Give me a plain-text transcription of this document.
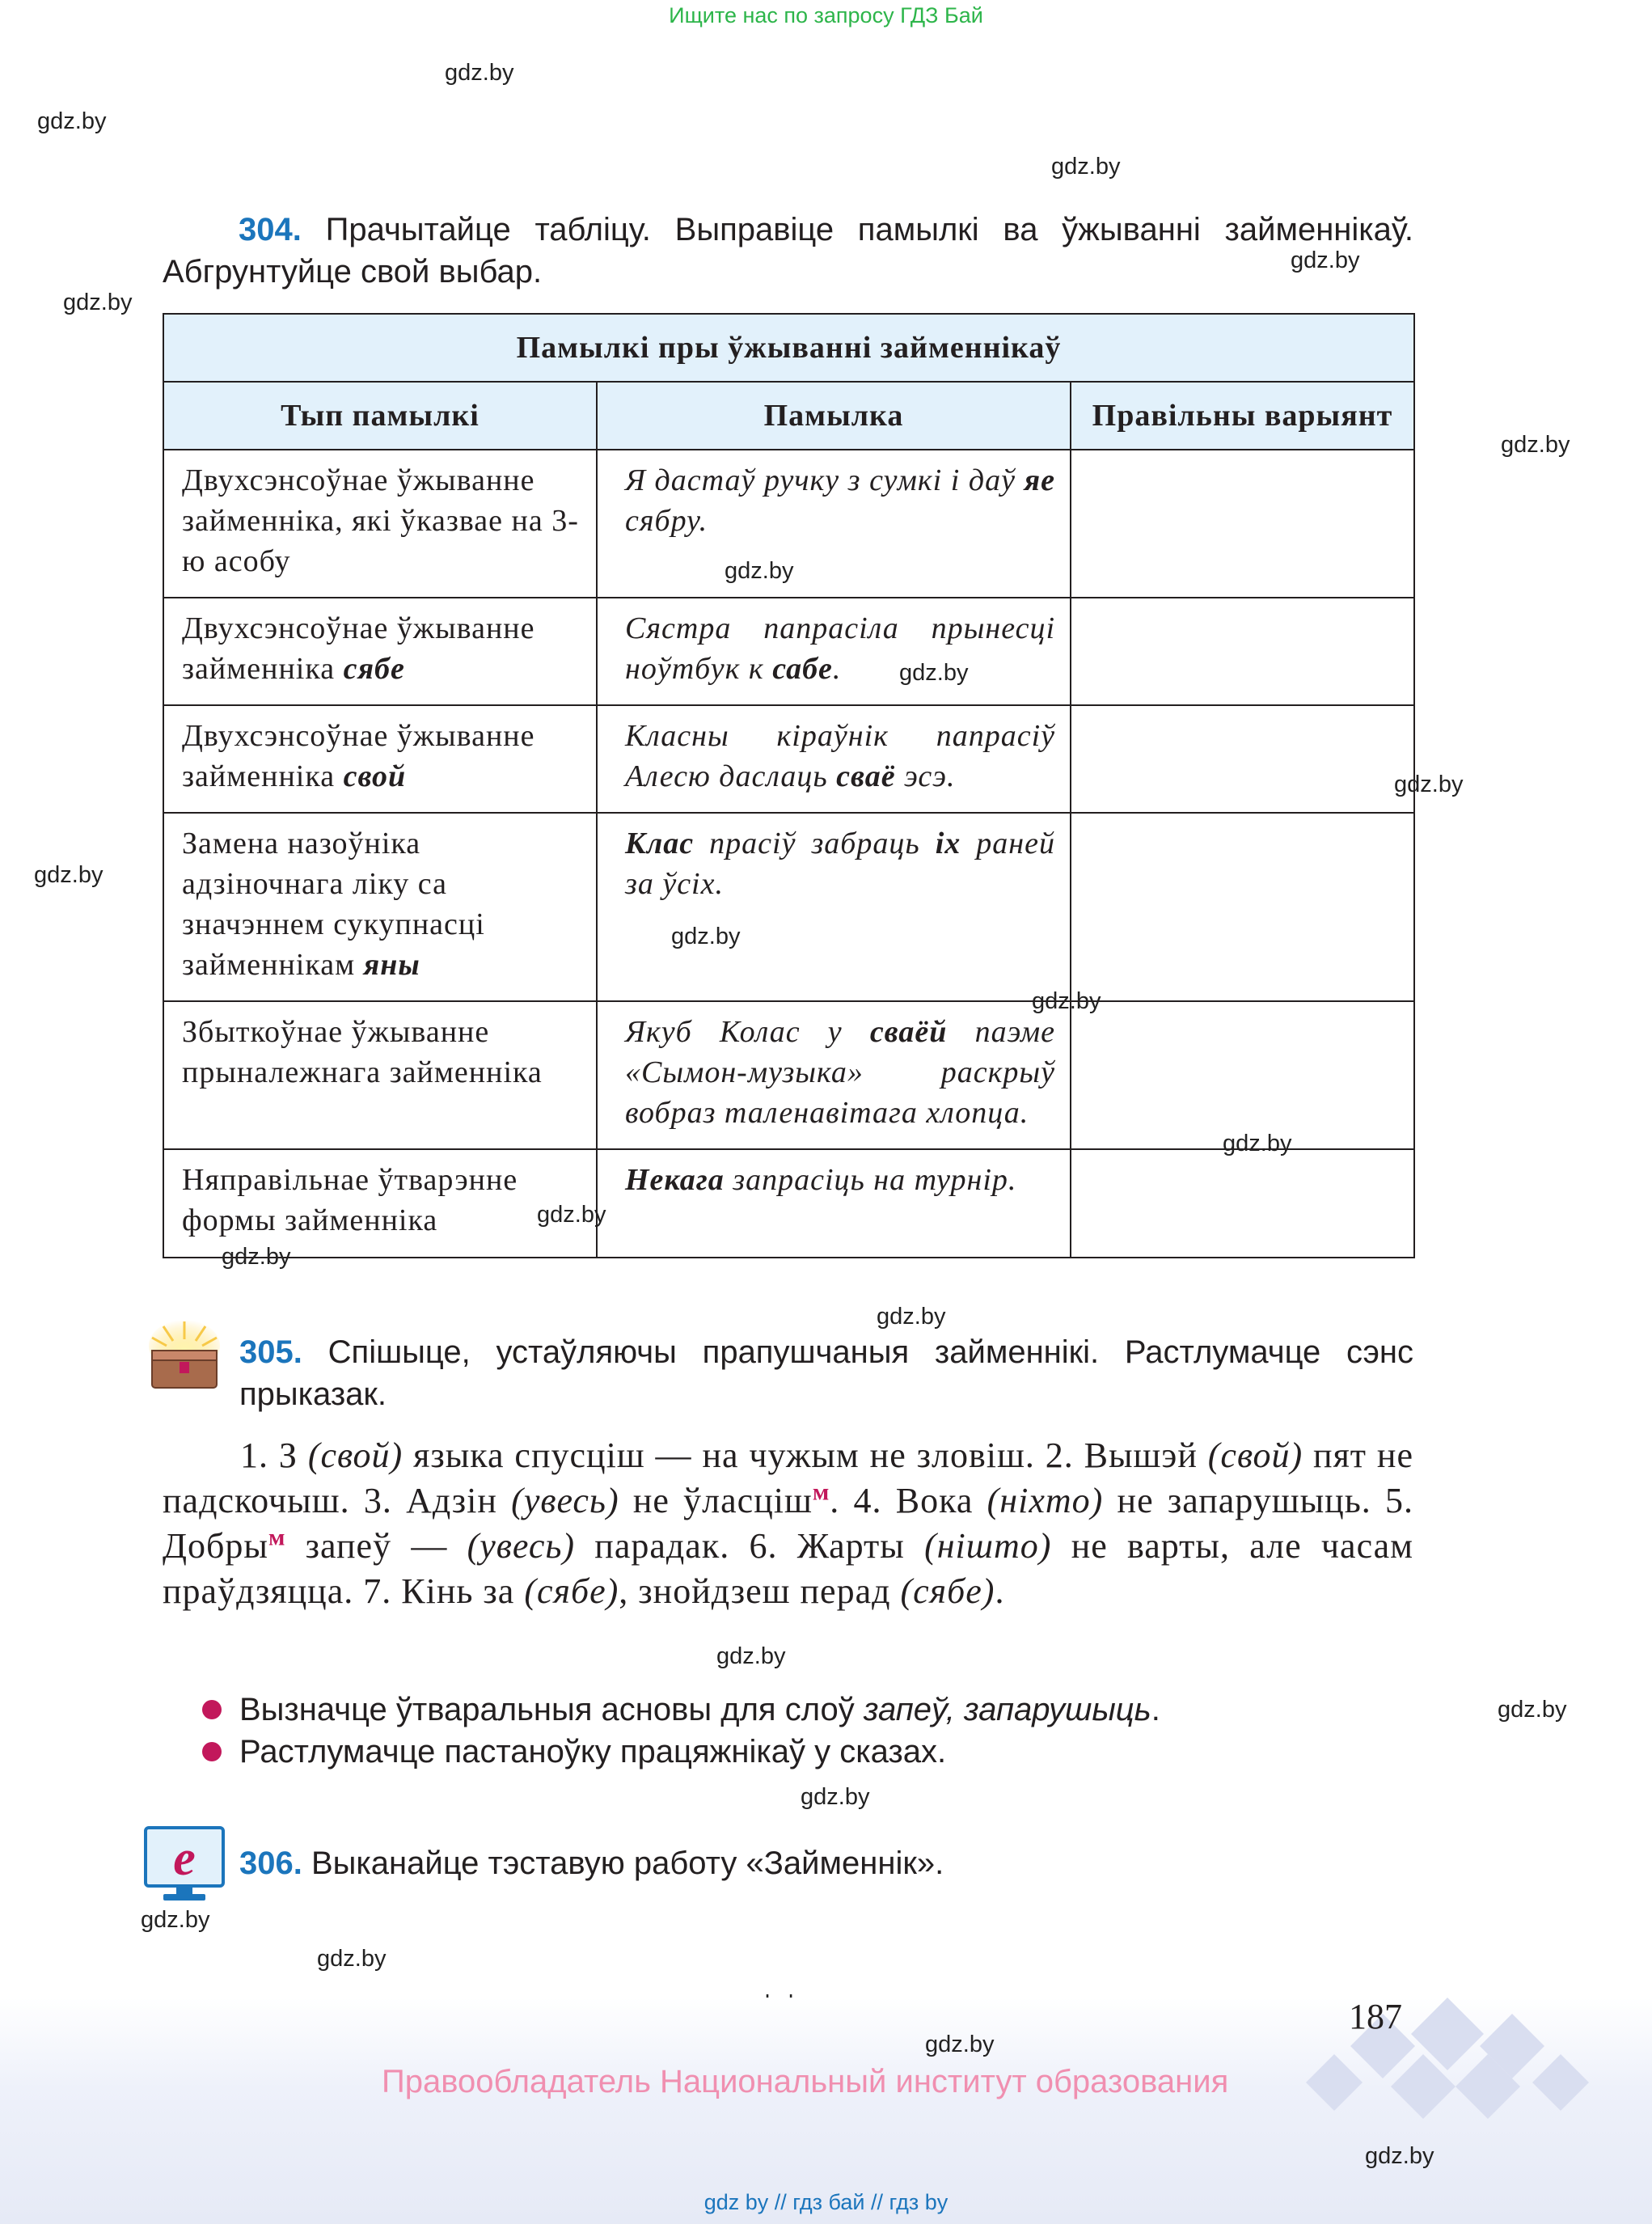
Ищите нас по запросу ГДЗ Бай
gdz.by
gdz.by
gdz.by
gdz.by
gdz.by
gdz.by
gdz.by
gdz.by
gdz.by
gdz.by
gdz.by
gdz.by
gdz.by
gdz.by
gdz.by
gdz.by
gdz.by
gdz.by
gdz.by
gdz.by
gdz.by
304. Прачытайце табліцу. Выправіце памылкі ва ўжыванні займеннікаў. Абгрунтуйце свой выбар.
Памылкі пры ўжыванні займеннікаў		
Тып памылкі	Памылка	Правільны варыянт
Двухсэнсоўнае ўжыванне займенніка, які ўказвае на 3-ю асобу	Я дастаў ручку з сумкі і даў яе сябру.	
Двухсэнсоўнае ўжыванне займенніка сябе	Сястра папрасіла прынесці ноўтбук к сабе.	
Двухсэнсоўнае ўжыванне займенніка свой	Класны кіраўнік папрасіў Алесю даслаць сваё эсэ.	
Замена назоўніка адзіночнага ліку са значэннем сукупнасці займеннікам яны	Клас прасіў забраць іх раней за ўсіх.	
Збыткоўнае ўжыванне прыналежнага займенніка	Якуб Колас у сваёй паэме «Сымон-музыка» раскрыў вобраз таленавітага хлопца.	
Няправільнае ўтварэнне формы займенніка	Некага запрасіць на турнір.	
305. Спішыце, устаўляючы прапушчаныя займеннікі. Растлумачце сэнс прыказак.
1. З (свой) языка спусціш — на чужым не зловіш. 2. Вышэй (свой) пят не падскочыш. 3. Адзін (увесь) не ўласціш$^м$. 4. Вока (ніхто) не запарушыць. 5. Добры$^м$ запеў — (увесь) парадак. 6. Жарты (нішто) не варты, але часам праўдзяцца. 7. Кінь за (сябе), знойдзеш перад (сябе).
Вызначце ўтваральныя асновы для слоў запеў, запарушыць.
Растлумачце пастаноўку працяжнікаў у сказах.
e 306. Выканайце тэставую работу «Займеннік».
187
gdz.by
Правообладатель Национальный институт образования
gdz.by
gdz by // гдз бай // гдз by
